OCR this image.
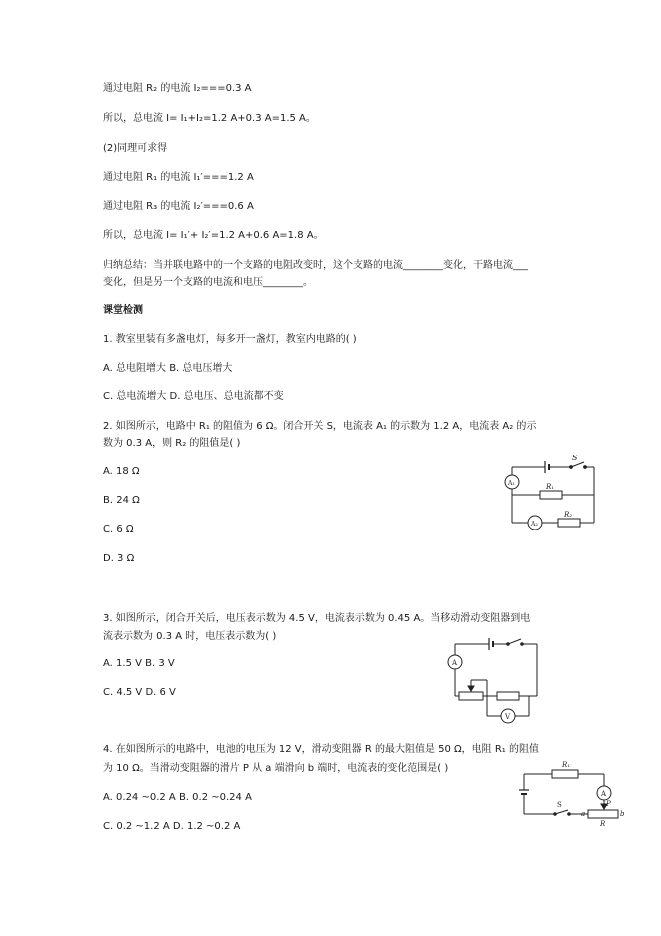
通过电阻 R₂ 的电流 I₂===0.3 A
所以，总电流 I= I₁+I₂=1.2 A+0.3 A=1.5 A。
(2)同理可求得
通过电阻 R₁ 的电流 I₁′===1.2 A
通过电阻 R₃ 的电流 I₂′===0.6 A
所以，总电流 I= I₁′+ I₂′=1.2 A+0.6 A=1.8 A。
归纳总结：当并联电路中的一个支路的电阻改变时，这个支路的电流________变化，干路电流___
变化，但是另一个支路的电流和电压________。
课堂检测
1. 教室里装有多盏电灯，每多开一盏灯，教室内电路的( )
A. 总电阻增大 B. 总电压增大
C. 总电流增大 D. 总电压、总电流都不变
2. 如图所示，电路中 R₁ 的阻值为 6 Ω。闭合开关 S，电流表 A₁ 的示数为 1.2 A，电流表 A₂ 的示
数为 0.3 A，则 R₂ 的阻值是( )
A. 18 Ω
B. 24 Ω
C. 6 Ω
D. 3 Ω
3. 如图所示，闭合开关后，电压表示数为 4.5 V，电流表示数为 0.45 A。当移动滑动变阻器到电
流表示数为 0.3 A 时，电压表示数为( )
A. 1.5 V B. 3 V
C. 4.5 V D. 6 V
4. 在如图所示的电路中，电池的电压为 12 V，滑动变阻器 R 的最大阻值是 50 Ω，电阻 R₁ 的阻值
为 10 Ω。当滑动变阻器的滑片 P 从 a 端滑向 b 端时，电流表的变化范围是( )
A. 0.24 ~0.2 A B. 0.2 ~0.24 A
C. 0.2 ~1.2 A D. 1.2 ~0.2 A
S
A₁	R₁
A₂
R₂
A
V
R₁
A
S	P
a	b
R
